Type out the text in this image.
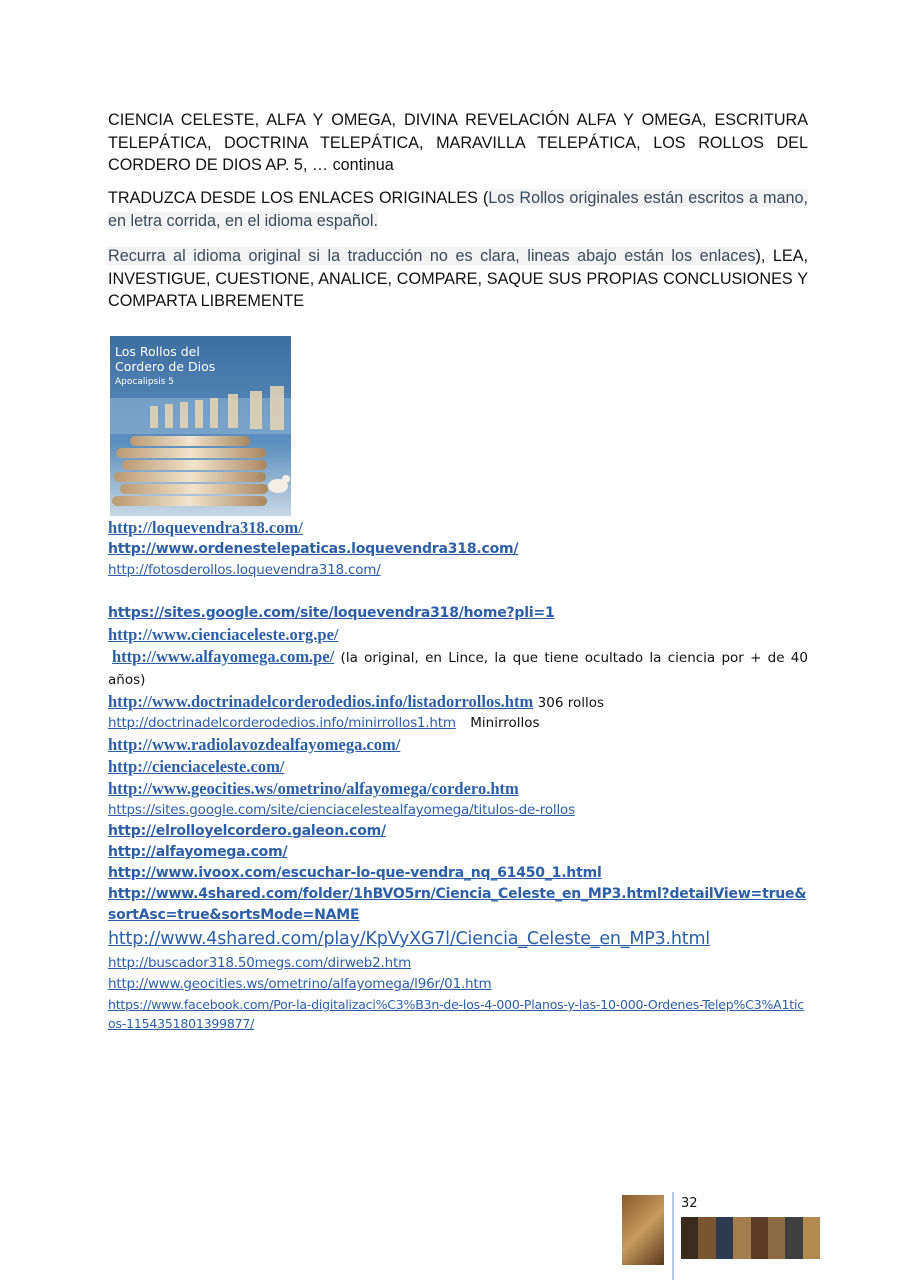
CIENCIA CELESTE, ALFA Y OMEGA, DIVINA REVELACIÓN ALFA Y OMEGA, ESCRITURA TELEPÁTICA, DOCTRINA TELEPÁTICA, MARAVILLA TELEPÁTICA, LOS ROLLOS DEL CORDERO DE DIOS AP. 5, … continua

TRADUZCA DESDE LOS ENLACES ORIGINALES (Los Rollos originales están escritos a mano, en letra corrida, en el idioma español.

Recurra al idioma original si la traducción no es clara, lineas abajo están los enlaces), LEA, INVESTIGUE, CUESTIONE, ANALICE, COMPARE, SAQUE SUS PROPIAS CONCLUSIONES Y COMPARTA LIBREMENTE

Los Rollos del
Cordero de Dios
Apocalipsis 5
http://loquevendra318.com/
http://www.ordenestelepaticas.loquevendra318.com/
http://fotosderollos.loquevendra318.com/
https://sites.google.com/site/loquevendra318/home?pli=1
http://www.cienciaceleste.org.pe/
http://www.alfayomega.com.pe/ (la original, en Lince, la que tiene ocultado la ciencia por + de 40 años)
http://www.doctrinadelcorderodedios.info/listadorrollos.htm 306 rollos
http://doctrinadelcorderodedios.info/minirrollos1.htm Minirrollos
http://www.radiolavozdealfayomega.com/
http://cienciaceleste.com/
http://www.geocities.ws/ometrino/alfayomega/cordero.htm
https://sites.google.com/site/cienciacelestealfayomega/titulos-de-rollos
http://elrolloyelcordero.galeon.com/
http://alfayomega.com/
http://www.ivoox.com/escuchar-lo-que-vendra_nq_61450_1.html
http://www.4shared.com/folder/1hBVO5rn/Ciencia_Celeste_en_MP3.html?detailView=true&sortAsc=true&sortsMode=NAME
http://www.4shared.com/play/KpVyXG7l/Ciencia_Celeste_en_MP3.html
http://buscador318.50megs.com/dirweb2.htm
http://www.geocities.ws/ometrino/alfayomega/l96r/01.htm
https://www.facebook.com/Por-la-digitalizaci%C3%B3n-de-los-4-000-Planos-y-las-10-000-Ordenes-Telep%C3%A1ticos-1154351801399877/
32
